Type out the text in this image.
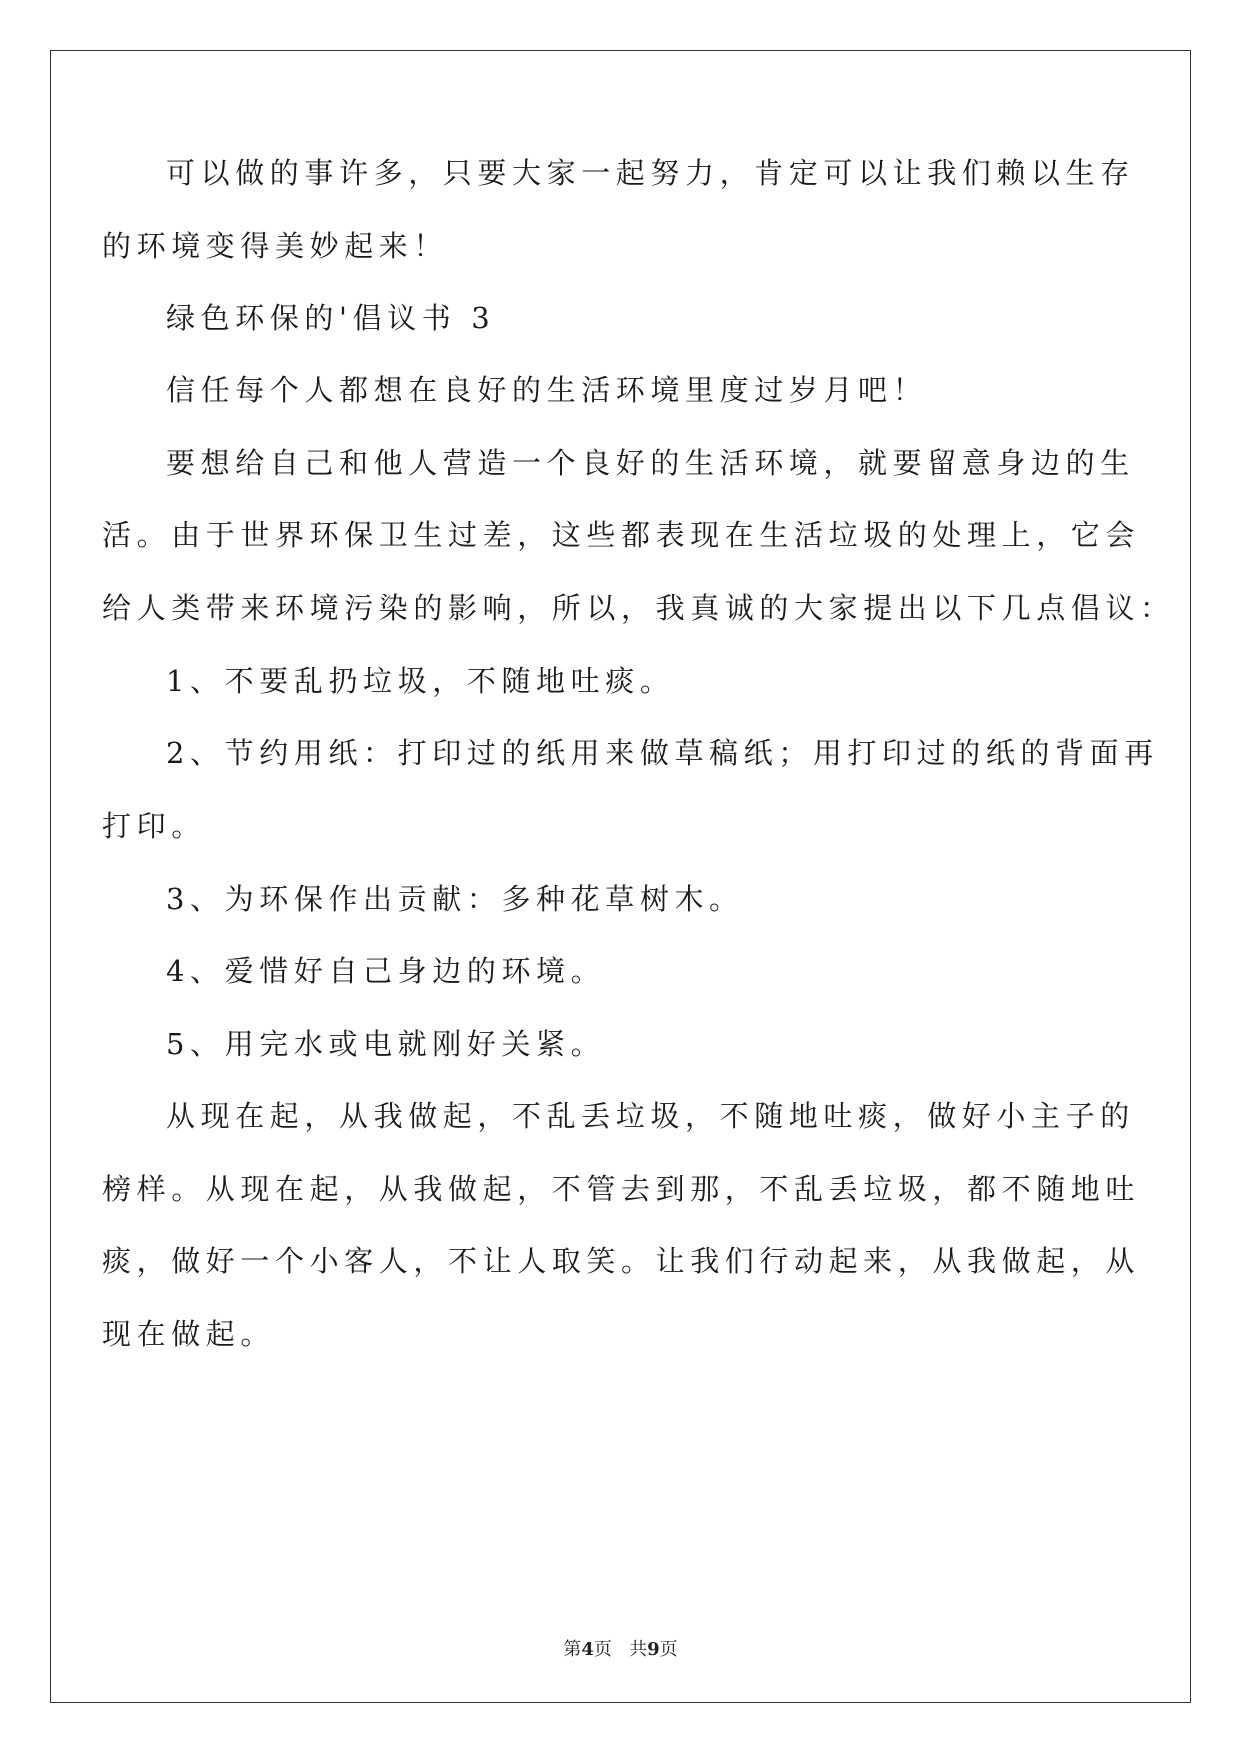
可以做的事许多，只要大家一起努力，肯定可以让我们赖以生存
的环境变得美妙起来！
绿色环保的'倡议书 3
信任每个人都想在良好的生活环境里度过岁月吧！
要想给自己和他人营造一个良好的生活环境，就要留意身边的生
活。由于世界环保卫生过差，这些都表现在生活垃圾的处理上，它会
给人类带来环境污染的影响，所以，我真诚的大家提出以下几点倡议：
1、不要乱扔垃圾，不随地吐痰。
2、节约用纸：打印过的纸用来做草稿纸；用打印过的纸的背面再
打印。
3、为环保作出贡献：多种花草树木。
4、爱惜好自己身边的环境。
5、用完水或电就刚好关紧。
从现在起，从我做起，不乱丢垃圾，不随地吐痰，做好小主子的
榜样。从现在起，从我做起，不管去到那，不乱丢垃圾，都不随地吐
痰，做好一个小客人，不让人取笑。让我们行动起来，从我做起，从
现在做起。
第4页 共9页
